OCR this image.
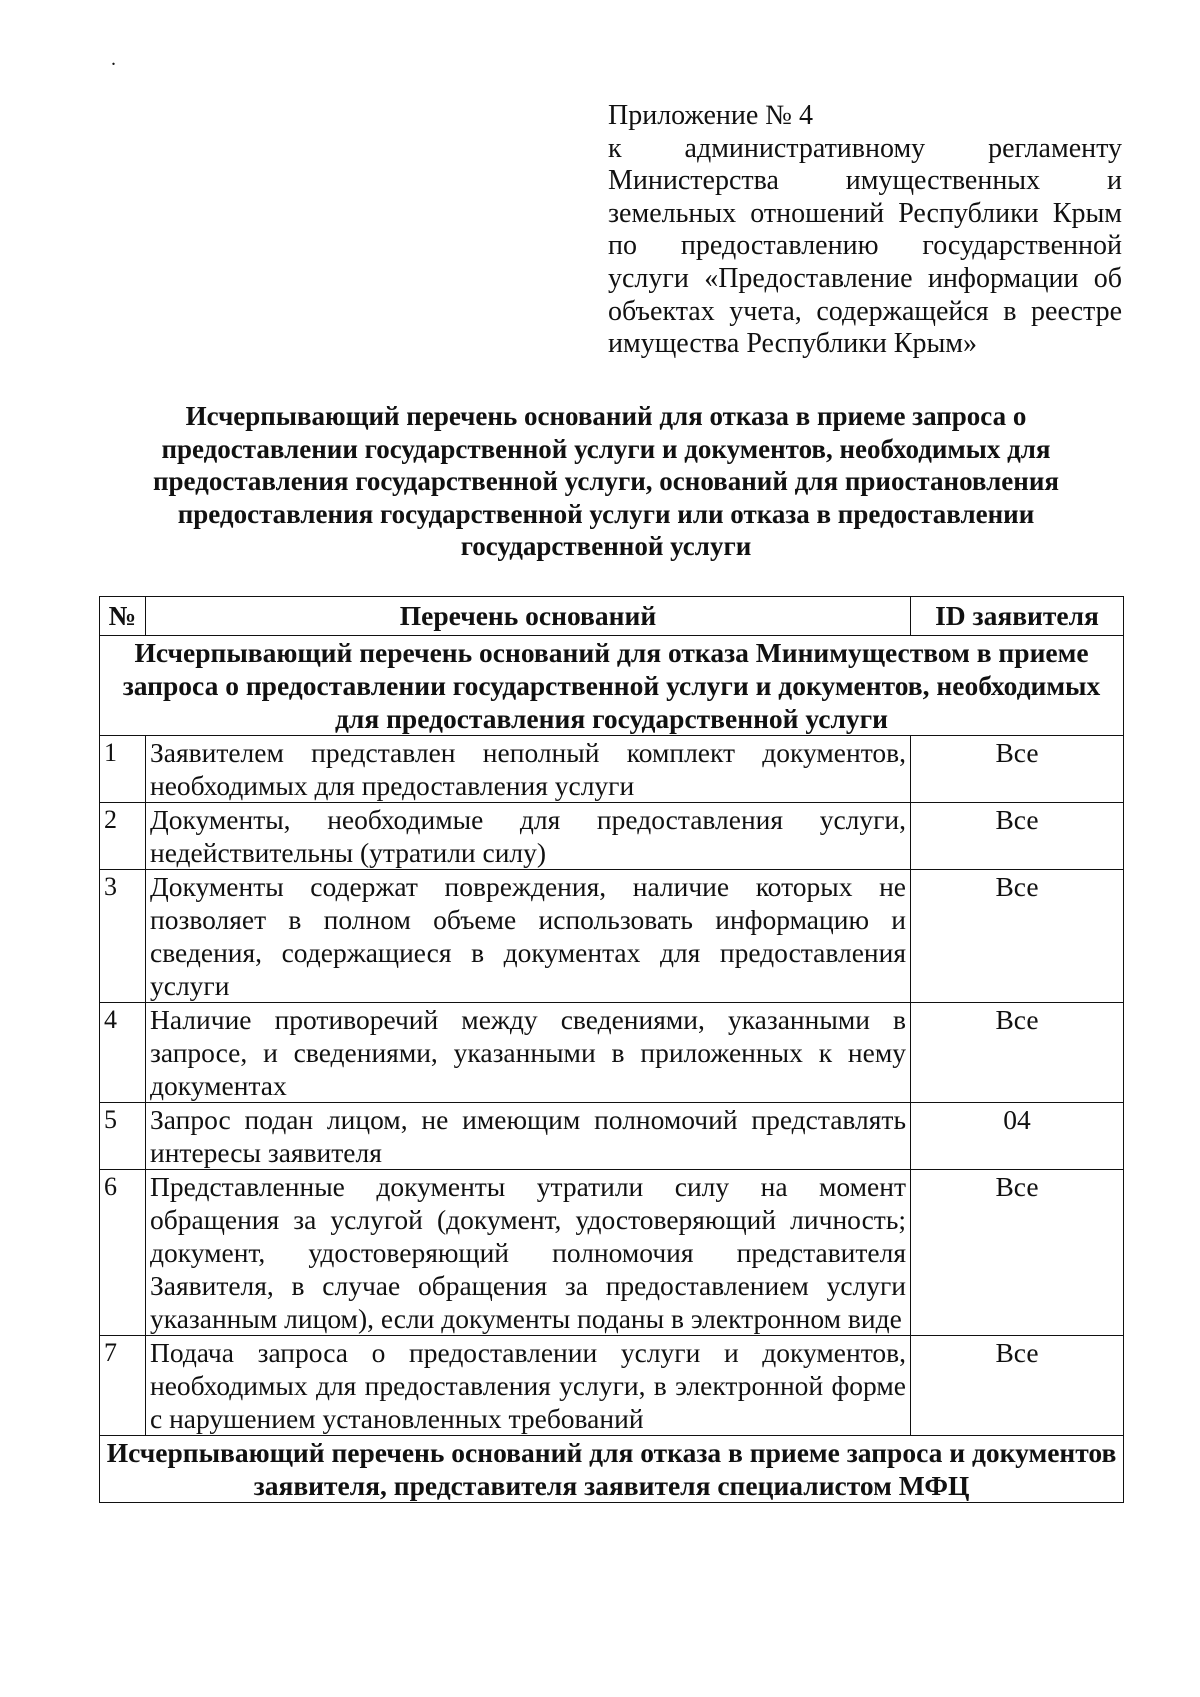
.
Приложение № 4
к административному регламенту Министерства имущественных и земельных отношений Республики Крым по предоставлению государственной услуги «Предоставление информации об объектах учета, содержащейся в реестре имущества Республики Крым»
Исчерпывающий перечень оснований для отказа в приеме запроса о предоставлении государственной услуги и документов, необходимых для предоставления государственной услуги, оснований для приостановления предоставления государственной услуги или отказа в предоставлении государственной услуги
№	Перечень оснований	ID заявителя
Исчерпывающий перечень оснований для отказа Минимуществом в приеме запроса о предоставлении государственной услуги и документов, необходимых для предоставления государственной услуги		
1	Заявителем представлен неполный комплект документов, необходимых для предоставления услуги	Все
2	Документы, необходимые для предоставления услуги, недействительны (утратили силу)	Все
3	Документы содержат повреждения, наличие которых не позволяет в полном объеме использовать информацию и сведения, содержащиеся в документах для предоставления услуги	Все
4	Наличие противоречий между сведениями, указанными в запросе, и сведениями, указанными в приложенных к нему документах	Все
5	Запрос подан лицом, не имеющим полномочий представлять интересы заявителя	04
6	Представленные документы утратили силу на момент обращения за услугой (документ, удостоверяющий личность; документ, удостоверяющий полномочия представителя Заявителя, в случае обращения за предоставлением услуги указанным лицом), если документы поданы в электронном виде	Все
7	Подача запроса о предоставлении услуги и документов, необходимых для предоставления услуги, в электронной форме с нарушением установленных требований	Все
Исчерпывающий перечень оснований для отказа в приеме запроса и документов заявителя, представителя заявителя специалистом МФЦ		
